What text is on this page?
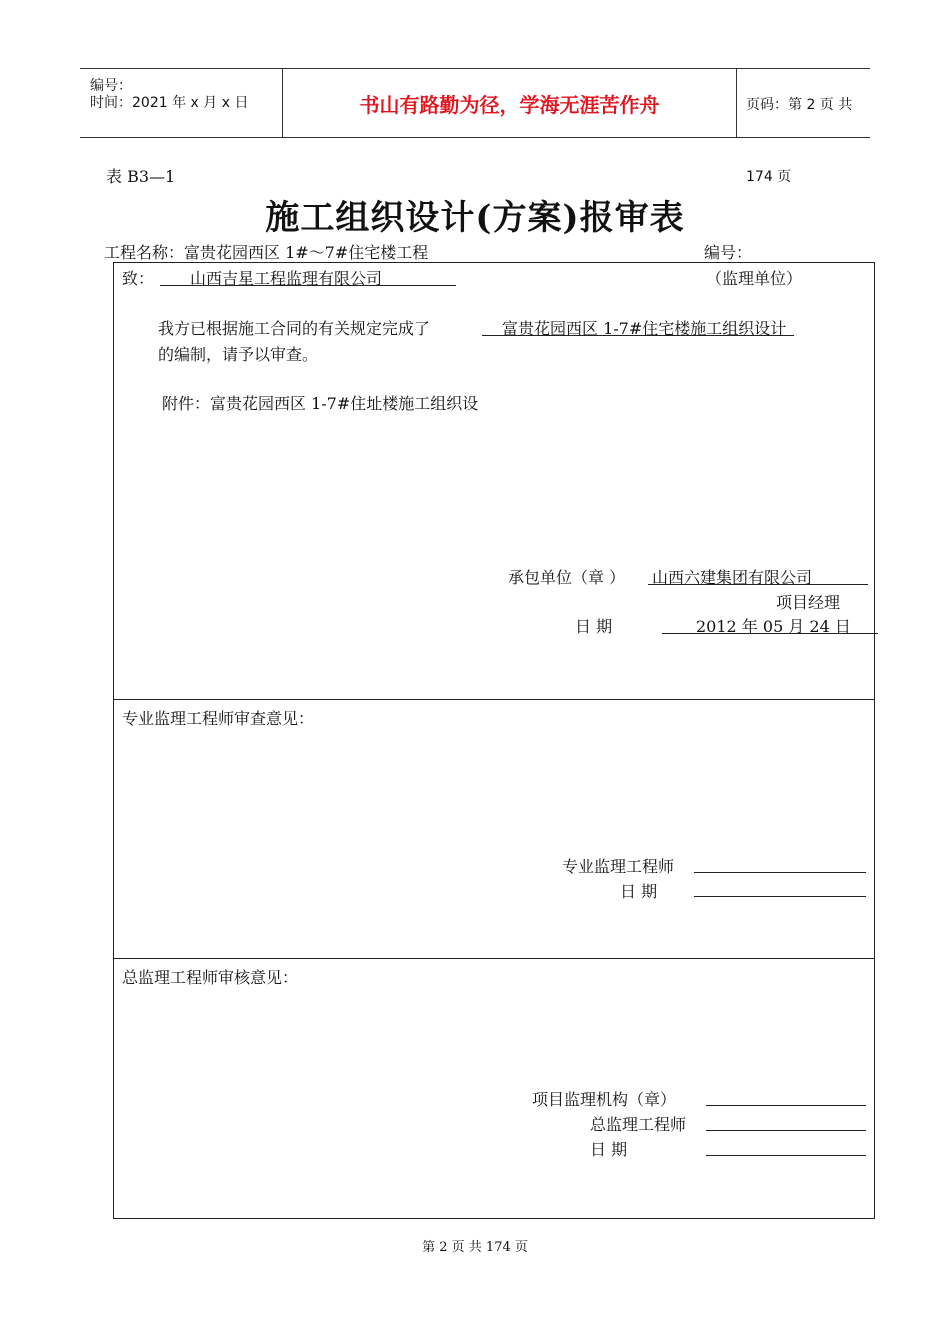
编号：
时间：2021 年 x 月 x 日	书山有路勤为径，学海无涯苦作舟	页码：第 2 页 共 174 页
表 B3—1
施工组织设计(方案)报审表
工程名称：富贵花园西区 1#～7#住宅楼工程	编号：
致： 山西吉星工程监理有限公司	（监理单位）
我方已根据施工合同的有关规定完成了	富贵花园西区 1-7#住宅楼施工组织设计
的编制，请予以审查。
附件：富贵花园西区 1-7#住址楼施工组织设
承包单位（章 ） 山西六建集团有限公司
项目经理
日 期	2012 年 05 月 24 日
专业监理工程师审查意见：
专业监理工程师
日 期
总监理工程师审核意见：
项目监理机构（章）
总监理工程师
日 期
第 2 页 共 174 页
